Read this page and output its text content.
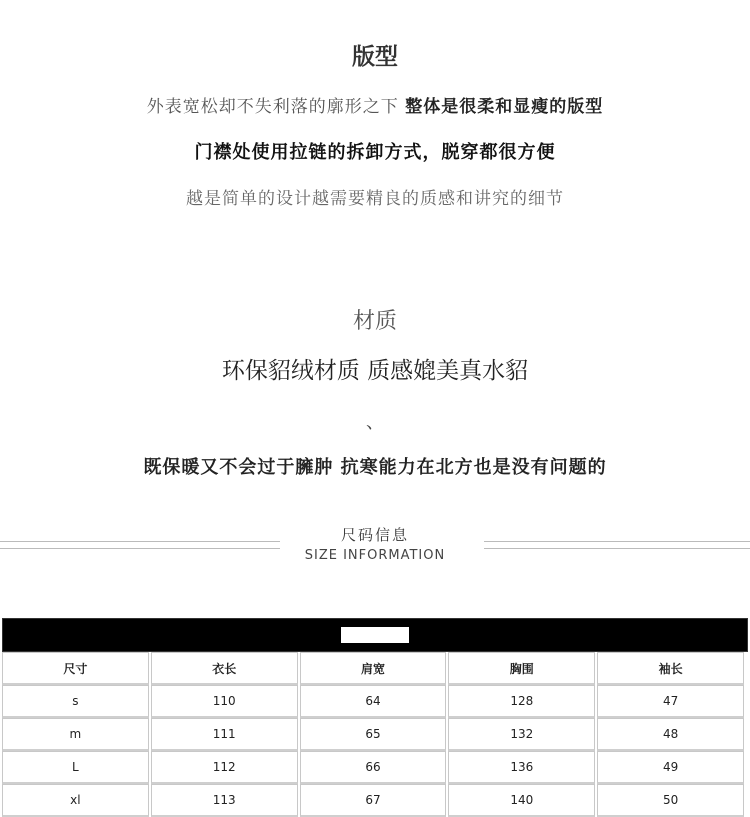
版型
外表宽松却不失利落的廓形之下 整体是很柔和显瘦的版型
门襟处使用拉链的拆卸方式，脱穿都很方便
越是简单的设计越需要精良的质感和讲究的细节
材质
环保貂绒材质 质感媲美真水貂
、
既保暖又不会过于臃肿 抗寒能力在北方也是没有问题的
尺码信息
SIZE INFORMATION
尺寸	衣长	肩宽	胸围	袖长
s	110	64	128	47
m	111	65	132	48
L	112	66	136	49
xl	113	67	140	50
